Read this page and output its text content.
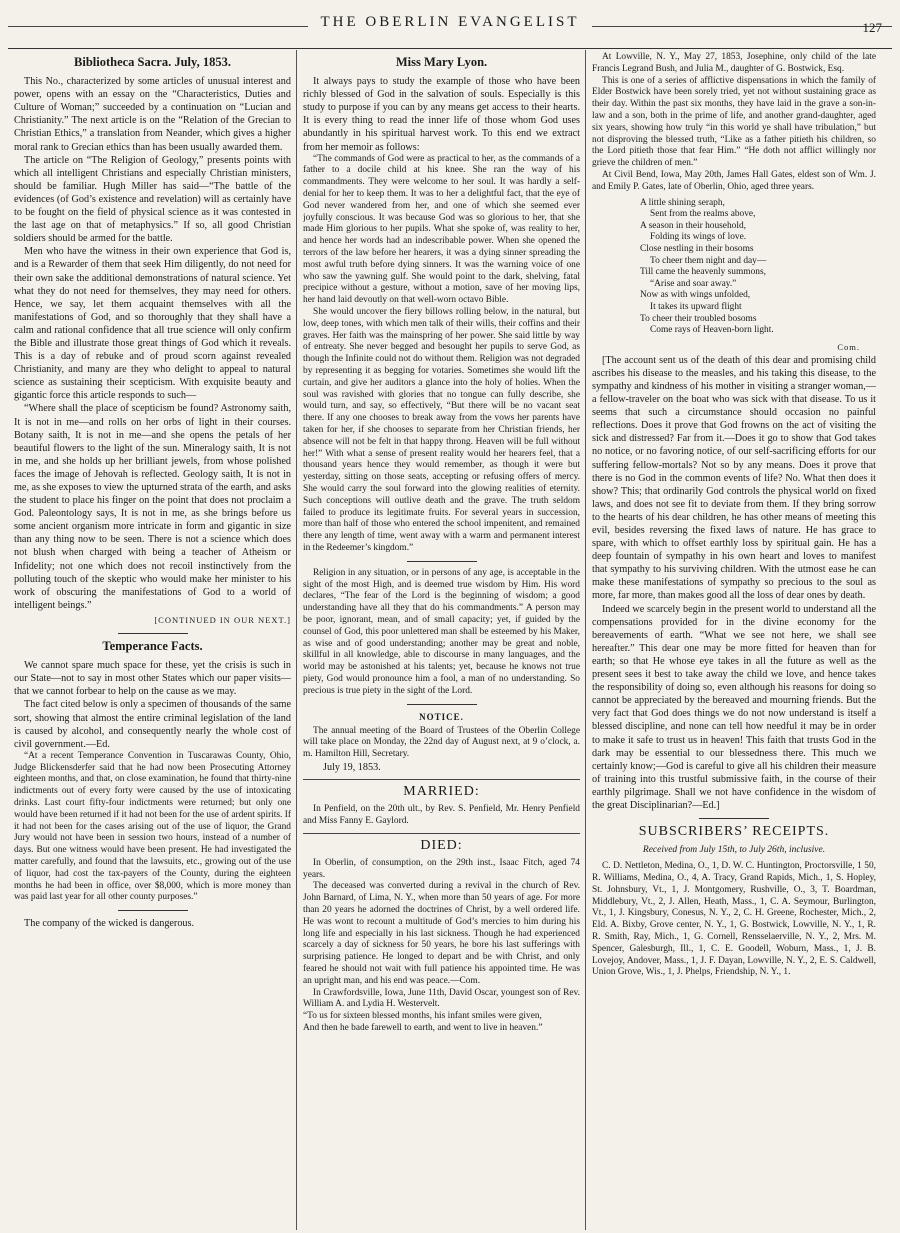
THE OBERLIN EVANGELIST	127
Bibliotheca Sacra. July, 1853.

This No., characterized by some articles of unusual interest and power, opens with an essay on the “Characteristics, Duties and Culture of Woman;” succeeded by a continuation on “Lucian and Christianity.” The next article is on the “Relation of the Grecian to Christian Ethics,” a translation from Neander, which gives a higher moral rank to Grecian ethics than has been usually awarded them.

The article on “The Religion of Geology,” presents points with which all intelligent Christians and especially Christian ministers, should be familiar. Hugh Miller has said—“The battle of the evidences (of God’s existence and revelation) will as certainly have to be fought on the field of physical science as it was contested in the last age on that of metaphysics.” If so, all good Christian soldiers should be armed for the battle.

Men who have the witness in their own experience that God is, and is a Rewarder of them that seek Him diligently, do not need for their own sake the additional demonstrations of natural science. Yet what they do not need for themselves, they may need for others. Hence, we say, let them acquaint themselves with all the manifestations of God, and so thoroughly that they shall have a calm and rational confidence that all true science will only confirm the Bible and illustrate those great things of God which it reveals. This is a day of rebuke and of proud scorn against revealed Christianity, and many are they who delight to appeal to natural science as sustaining their scepticism. With exquisite beauty and gigantic force this article responds to such—

“Where shall the place of scepticism be found? Astronomy saith, It is not in me—and rolls on her orbs of light in their courses. Botany saith, It is not in me—and she opens the petals of her beautiful flowers to the light of the sun. Mineralogy saith, It is not in me, and she holds up her brilliant jewels, from whose polished faces the image of Jehovah is reflected. Geology saith, It is not in me, as she exposes to view the upturned strata of the earth, and asks the student to place his finger on the point that does not proclaim a God. Paleontology says, It is not in me, as she brings before us some ancient organism more intricate in form and gigantic in size than any thing now to be seen. There is not a science which does not blush when charged with being a teacher of Atheism or Infidelity; not one which does not recoil instinctively from the polluting touch of the skeptic who would make her minister to his work of obscuring the manifestations of God to a world of intelligent beings.”

[CONTINUED IN OUR NEXT.]
Temperance Facts.

We cannot spare much space for these, yet the crisis is such in our State—not to say in most other States which our paper visits—that we cannot forbear to help on the cause as we may.

The fact cited below is only a specimen of thousands of the same sort, showing that almost the entire criminal legislation of the land is caused by alcohol, and consequently nearly the whole cost of civil government.—Ed.

“At a recent Temperance Convention in Tuscarawas County, Ohio, Judge Blickensderfer said that he had now been Prosecuting Attorney eighteen months, and that, on close examination, he found that thirty-nine indictments out of every forty were caused by the use of intoxicating drinks. Last court fifty-four indictments were returned; but only one would have been returned if it had not been for the use of ardent spirits. If it had not been for the cases arising out of the use of liquor, the Grand Jury would not have been in session two hours, instead of a number of days. But one witness would have been present. He had investigated the matter carefully, and found that the lawsuits, etc., growing out of the use of liquor, had cost the tax-payers of the County, during the eighteen months he had been in office, over $8,000, which is more money than was paid last year for all other county purposes.”

The company of the wicked is dangerous.

Miss Mary Lyon.

It always pays to study the example of those who have been richly blessed of God in the salvation of souls. Especially is this study to purpose if you can by any means get access to their hearts. It is every thing to read the inner life of those whom God uses abundantly in his spiritual harvest work. To this end we extract from her memoir as follows:

“The commands of God were as practical to her, as the commands of a father to a docile child at his knee. She ran the way of his commandments. They were welcome to her soul. It was hardly a self-denial for her to keep them. It was to her a delightful fact, that the eye of God never wandered from her, and one of which she seemed ever joyfully conscious. It was because God was so glorious to her, that she made Him glorious to her pupils. What she spoke of, was reality to her, and hence her words had an indescribable power. When she opened the terrors of the law before her hearers, it was a dying sinner spreading the most awful truth before dying sinners. It was the warning voice of one who saw the yawning gulf. She would point to the dark, shelving, fatal precipice without a gesture, without a motion, save of her moving lips, her hand laid devoutly on that well-worn octavo Bible.

She would uncover the fiery billows rolling below, in the natural, but low, deep tones, with which men talk of their wills, their coffins and their graves. Her faith was the mainspring of her power. She said little by way of entreaty. She never begged and besought her pupils to serve God, as though the Infinite could not do without them. Religion was not degraded by representing it as begging for votaries. Sometimes she would lift the curtain, and give her auditors a glance into the holy of holies. When the soul was ravished with glories that no tongue can fully describe, she would turn, and say, so effectively, “But there will be no vacant seat there. If any one chooses to break away from the vows her parents have taken for her, if she chooses to separate from her Christian friends, her absence will not be felt in that happy throng. Heaven will be full without her!” With what a sense of present reality would her hearers feel, that a thousand years hence they would remember, as though it were but yesterday, sitting on those seats, accepting or refusing offers of mercy. She would carry the soul forward into the glowing realities of eternity. Such conceptions will outlive death and the grave. The truth seldom failed to produce its legitimate fruits. For several years in succession, more than half of those who entered the school impenitent, and remained there any length of time, went away with a warm and permanent interest in the Redeemer’s kingdom.”

Religion in any situation, or in persons of any age, is acceptable in the sight of the most High, and is deemed true wisdom by Him. His word declares, “The fear of the Lord is the beginning of wisdom; a good understanding have all they that do his commandments.” A person may be poor, ignorant, mean, and of small capacity; yet, if guided by the counsel of God, this poor unlettered man shall be esteemed by his Maker, as wise and of good understanding; another may be great and noble, skillful in all knowledge, able to discourse in many languages, and the world may be astonished at his talents; yet, because he knows not true piety, God would pronounce him a fool, a man of no understanding. So precious is true piety in the sight of the Lord.

NOTICE.

The annual meeting of the Board of Trustees of the Oberlin College will take place on Monday, the 22nd day of August next, at 9 o’clock, a. m. Hamilton Hill, Secretary.

July 19, 1853.
MARRIED:

In Penfield, on the 20th ult., by Rev. S. Penfield, Mr. Henry Penfield and Miss Fanny E. Gaylord.

DIED:

In Oberlin, of consumption, on the 29th inst., Isaac Fitch, aged 74 years.

The deceased was converted during a revival in the church of Rev. John Barnard, of Lima, N. Y., when more than 50 years of age. For more than 20 years he adorned the doctrines of Christ, by a well ordered life. He was wont to recount a multitude of God’s mercies to him during his long life and especially in his last sickness. Though he had experienced scarcely a day of sickness for 50 years, he bore his last sufferings with surprising patience. He longed to depart and be with Christ, and only feared he should not wait with full patience his appointed time. He was an upright man, and his end was peace.—Com.

In Crawfordsville, Iowa, June 11th, David Oscar, youngest son of Rev. William A. and Lydia H. Westervelt.

“To us for sixteen blessed months, his infant smiles were given,

And then he bade farewell to earth, and went to live in heaven.”

At Lowville, N. Y., May 27, 1853, Josephine, only child of the late Francis Legrand Bush, and Julia M., daughter of G. Bostwick, Esq.

This is one of a series of afflictive dispensations in which the family of Elder Bostwick have been sorely tried, yet not without sustaining grace as their day. Within the past six months, they have laid in the grave a son-in-law and a son, both in the prime of life, and another grand-daughter, aged six years, showing how truly “in this world ye shall have tribulation,” but not disproving the blessed truth, “Like as a father pitieth his children, so the Lord pitieth those that fear Him.” “He doth not afflict willingly nor grieve the children of men.”

At Civil Bend, Iowa, May 20th, James Hall Gates, eldest son of Wm. J. and Emily P. Gates, late of Oberlin, Ohio, aged three years.

A little shining seraph,
Sent from the realms above,
A season in their household,
Folding its wings of love.
Close nestling in their bosoms
To cheer them night and day—
Till came the heavenly summons,
“Arise and soar away.”
Now as with wings unfolded,
It takes its upward flight
To cheer their troubled bosoms
Come rays of Heaven-born light.
Com.

[The account sent us of the death of this dear and promising child ascribes his disease to the measles, and his taking this disease, to the sympathy and kindness of his mother in visiting a stranger woman,—a fellow-traveler on the boat who was sick with that disease. To us it seems that such a circumstance should occasion no painful reflections. Does it prove that God frowns on the act of visiting the sick and distressed? Far from it.—Does it go to show that God takes no notice, or no favoring notice, of our self-sacrificing efforts for our suffering fellow-mortals? Not so by any means. Does it prove that there is no God in the common events of life? No. What then does it show? This; that ordinarily God controls the physical world on fixed laws, and does not see fit to deviate from them. If they bring sorrow to the hearts of his dear children, he has other means of meeting this evil, besides reversing the fixed laws of nature. He has grace to spare, with which to offset earthly loss by spiritual gain. He has a deep fountain of sympathy in his own heart and loves to manifest that sympathy to his surviving children. With the utmost ease he can make these manifestations of sympathy so precious to the soul as more, far more, than makes good all the loss of dear ones by death.

Indeed we scarcely begin in the present world to understand all the compensations provided for in the divine economy for the bereavements of earth. “What we see not here, we shall see hereafter.” This dear one may be more fitted for heaven than for earth; so that He whose eye takes in all the future as well as the present sees it best to take away the child we love, and hence takes the responsibility of doing so, even although his reasons for doing so cannot be appreciated by the bereaved and mourning friends. But the very fact that God does things we do not now understand is itself a blessed discipline, and none can tell how needful it may be in order to make it safe to trust us in heaven! This faith that trusts God in the dark may be essential to our blessedness there. This much we certainly know;—God is careful to give all his children their measure of training into this trustful submissive faith, in the course of their earthly pilgrimage. Shall we not have confidence in the wisdom of the great Disciplinarian?—Ed.]

SUBSCRIBERS’ RECEIPTS.
Received from July 15th, to July 26th, inclusive.

C. D. Nettleton, Medina, O., 1, D. W. C. Huntington, Proctorsville, 1 50, R. Williams, Medina, O., 4, A. Tracy, Grand Rapids, Mich., 1, S. Hopley, St. Johnsbury, Vt., 1, J. Montgomery, Rushville, O., 3, T. Boardman, Middlebury, Vt., 2, J. Allen, Heath, Mass., 1, C. A. Seymour, Burlington, Vt., 1, J. Kingsbury, Conesus, N. Y., 2, C. H. Greene, Rochester, Mich., 2, Eld. A. Bixby, Grove center, N. Y., 1, G. Bostwick, Lowville, N. Y., 1, R. R. Smith, Ray, Mich., 1, G. Cornell, Rensselaerville, N. Y., 2, Mrs. M. Spencer, Galesburgh, Ill., 1, C. E. Goodell, Woburn, Mass., 1, J. B. Lovejoy, Andover, Mass., 1, J. F. Dayan, Lowville, N. Y., 2, E. S. Caldwell, Union Grove, Wis., 1, J. Phelps, Friendship, N. Y., 1.
